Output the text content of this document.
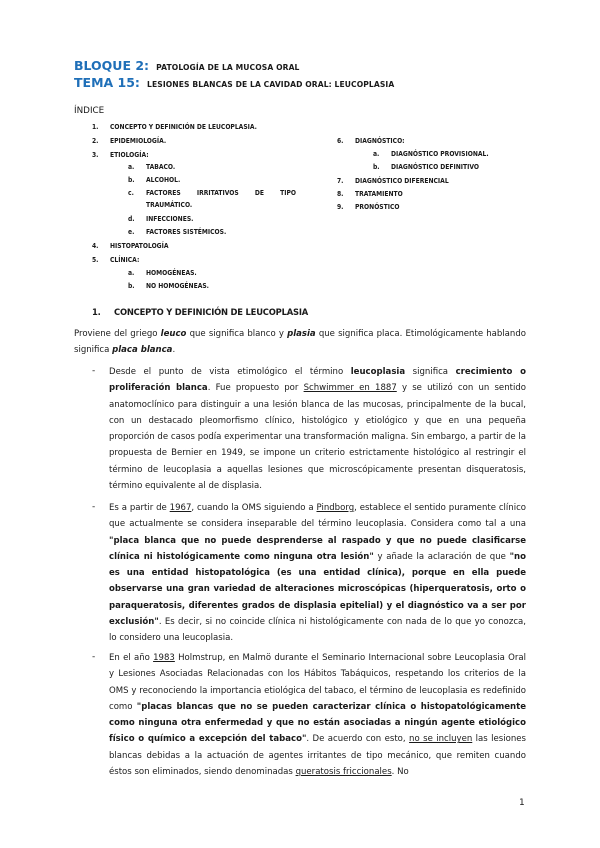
BLOQUE 2: PATOLOGÍA DE LA MUCOSA ORAL
TEMA 15: LESIONES BLANCAS DE LA CAVIDAD ORAL: LEUCOPLASIA
ÍNDICE
1.	CONCEPTO Y DEFINICIÓN DE LEUCOPLASIA.
2.	EPIDEMIOLOGÍA.
3.	ETIOLOGÍA:
a.	TABACO.
b.	ALCOHOL.
c.	FACTORES IRRITATIVOS DE TIPO
TRAUMÁTICO.
d.	INFECCIONES.
e.	FACTORES SISTÉMICOS.
4.	HISTOPATOLOGÍA
5.	CLÍNICA:
a.	HOMOGÉNEAS.
b.	NO HOMOGÉNEAS.
6.	DIAGNÓSTICO:
a.	DIAGNÓSTICO PROVISIONAL.
b.	DIAGNÓSTICO DEFINITIVO
7.	DIAGNÓSTICO DIFERENCIAL
8.	TRATAMIENTO
9.	PRONÓSTICO
1. CONCEPTO Y DEFINICIÓN DE LEUCOPLASIA
Proviene del griego leuco que significa blanco y plasia que significa placa. Etimológicamente hablando significa placa blanca.
- Desde el punto de vista etimológico el término leucoplasia significa crecimiento o proliferación blanca. Fue propuesto por Schwimmer en 1887 y se utilizó con un sentido anatomoclínico para distinguir a una lesión blanca de las mucosas, principalmente de la bucal, con un destacado pleomorfismo clínico, histológico y etiológico y que en una pequeña proporción de casos podía experimentar una transformación maligna. Sin embargo, a partir de la propuesta de Bernier en 1949, se impone un criterio estrictamente histológico al restringir el término de leucoplasia a aquellas lesiones que microscópicamente presentan disqueratosis, término equivalente al de displasia.
- Es a partir de 1967, cuando la OMS siguiendo a Pindborg, establece el sentido puramente clínico que actualmente se considera inseparable del término leucoplasia. Considera como tal a una "placa blanca que no puede desprenderse al raspado y que no puede clasificarse clínica ni histológicamente como ninguna otra lesión" y añade la aclaración de que "no es una entidad histopatológica (es una entidad clínica), porque en ella puede observarse una gran variedad de alteraciones microscópicas (hiperqueratosis, orto o paraqueratosis, diferentes grados de displasia epitelial) y el diagnóstico va a ser por exclusión". Es decir, si no coincide clínica ni histológicamente con nada de lo que yo conozca, lo considero una leucoplasia.
- En el año 1983 Holmstrup, en Malmö durante el Seminario Internacional sobre Leucoplasia Oral y Lesiones Asociadas Relacionadas con los Hábitos Tabáquicos, respetando los criterios de la OMS y reconociendo la importancia etiológica del tabaco, el término de leucoplasia es redefinido como "placas blancas que no se pueden caracterizar clínica o histopatológicamente como ninguna otra enfermedad y que no están asociadas a ningún agente etiológico físico o químico a excepción del tabaco". De acuerdo con esto, no se incluyen las lesiones blancas debidas a la actuación de agentes irritantes de tipo mecánico, que remiten cuando éstos son eliminados, siendo denominadas queratosis friccionales. No
1
